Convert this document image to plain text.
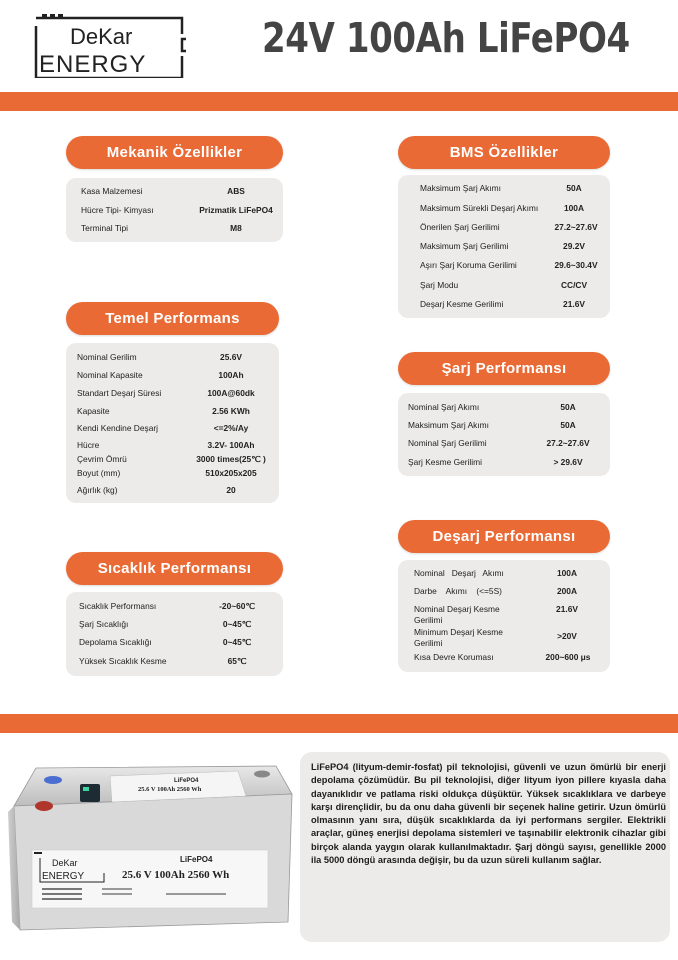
DeKar
ENERGY
24V 100Ah LiFePO4
Mekanik Özellikler
Kasa Malzemesi	ABS
Hücre Tipi- Kimyası	Prizmatik LiFePO4
Terminal Tipi	M8
Temel Performans
Nominal Gerilim	25.6V
Nominal Kapasite	100Ah
Standart Deşarj Süresi	100A@60dk
Kapasite	2.56 KWh
Kendi Kendine Deşarj	<=2%/Ay
Hücre	3.2V- 100Ah
Çevrim Ömrü	3000 times(25℃ )
Boyut (mm)	510x205x205
Ağırlık (kg)	20
Sıcaklık Performansı
Sıcaklık Performansı	-20~60℃
Şarj Sıcaklığı	0~45℃
Depolama Sıcaklığı	0~45℃
Yüksek Sıcaklık Kesme	65℃
BMS Özellikler
Maksimum Şarj Akımı	50A
Maksimum Sürekli Deşarj Akımı	100A
Önerilen Şarj Gerilimi	27.2~27.6V
Maksimum Şarj Gerilimi	29.2V
Aşırı Şarj Koruma Gerilimi	29.6~30.4V
Şarj Modu	CC/CV
Deşarj Kesme Gerilimi	21.6V
Şarj Performansı
Nominal Şarj Akımı	50A
Maksimum Şarj Akımı	50A
Nominal Şarj Gerilimi	27.2~27.6V
Şarj Kesme Gerilimi	> 29.6V
Deşarj Performansı
Nominal   Deşarj   Akımı	100A
Darbe    Akımı    (<=5S)	200A
Nominal Deşarj Kesme
Gerilimi
21.6V
Minimum Deşarj Kesme
Gerilimi
>20V
Kısa Devre Koruması	200~600 μs
LiFePO4
25.6 V 100Ah 2560 Wh
DeKar
ENERGY
LiFePO4
25.6 V 100Ah 2560 Wh

LiFePO4 (lityum-demir-fosfat) pil teknolojisi, güvenli ve uzun ömürlü bir enerji depolama çözümüdür. Bu pil teknolojisi, diğer lityum iyon pillere kıyasla daha dayanıklıdır ve patlama riski oldukça düşüktür. Yüksek sıcaklıklara ve darbeye karşı dirençlidir, bu da onu daha güvenli bir seçenek haline getirir. Uzun ömürlü olmasının yanı sıra, düşük sıcaklıklarda da iyi performans sergiler. Elektrikli araçlar, güneş enerjisi depolama sistemleri ve taşınabilir elektronik cihazlar gibi birçok alanda yaygın olarak kullanılmaktadır. Şarj döngü sayısı, genellikle 2000 ila 5000 döngü arasında değişir, bu da uzun süreli kullanım sağlar.
